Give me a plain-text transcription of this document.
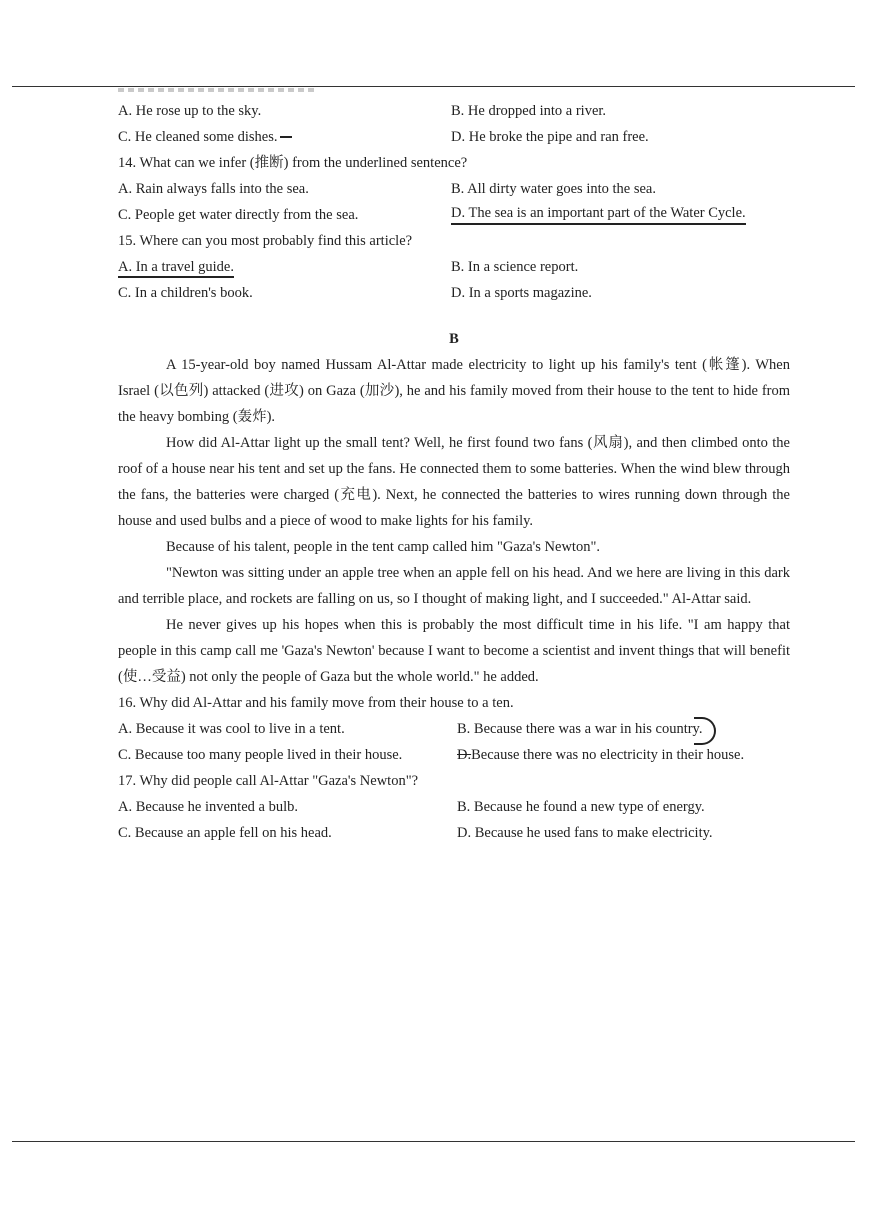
A. He rose up to the sky.	B. He dropped into a river.
C. He cleaned some dishes.	D. He broke the pipe and ran free.
14. What can we infer (推断) from the underlined sentence?
A. Rain always falls into the sea.	B. All dirty water goes into the sea.
C. People get water directly from the sea.	D. The sea is an important part of the Water Cycle.
15. Where can you most probably find this article?
A. In a travel guide.	B. In a science report.
C. In a children's book.	D. In a sports magazine.
B

A 15-year-old boy named Hussam Al-Attar made electricity to light up his family's tent (帐篷). When Israel (以色列) attacked (进攻) on Gaza (加沙), he and his family moved from their house to the tent to hide from the heavy bombing (轰炸).

How did Al-Attar light up the small tent? Well, he first found two fans (风扇), and then climbed onto the roof of a house near his tent and set up the fans. He connected them to some batteries. When the wind blew through the fans, the batteries were charged (充电). Next, he connected the batteries to wires running down through the house and used bulbs and a piece of wood to make lights for his family.

Because of his talent, people in the tent camp called him "Gaza's Newton".

"Newton was sitting under an apple tree when an apple fell on his head. And we here are living in this dark and terrible place, and rockets are falling on us, so I thought of making light, and I succeeded." Al-Attar said.

He never gives up his hopes when this is probably the most difficult time in his life. "I am happy that people in this camp call me 'Gaza's Newton' because I want to become a scientist and invent things that will benefit (使…受益) not only the people of Gaza but the whole world." he added.

16. Why did Al-Attar and his family move from their house to a ten.
A. Because it was cool to live in a tent.	B. Because there was a war in his country.
C. Because too many people lived in their house.	D.Because there was no electricity in their house.
17. Why did people call Al-Attar "Gaza's Newton"?
A. Because he invented a bulb.	B. Because he found a new type of energy.
C. Because an apple fell on his head.	D. Because he used fans to make electricity.
